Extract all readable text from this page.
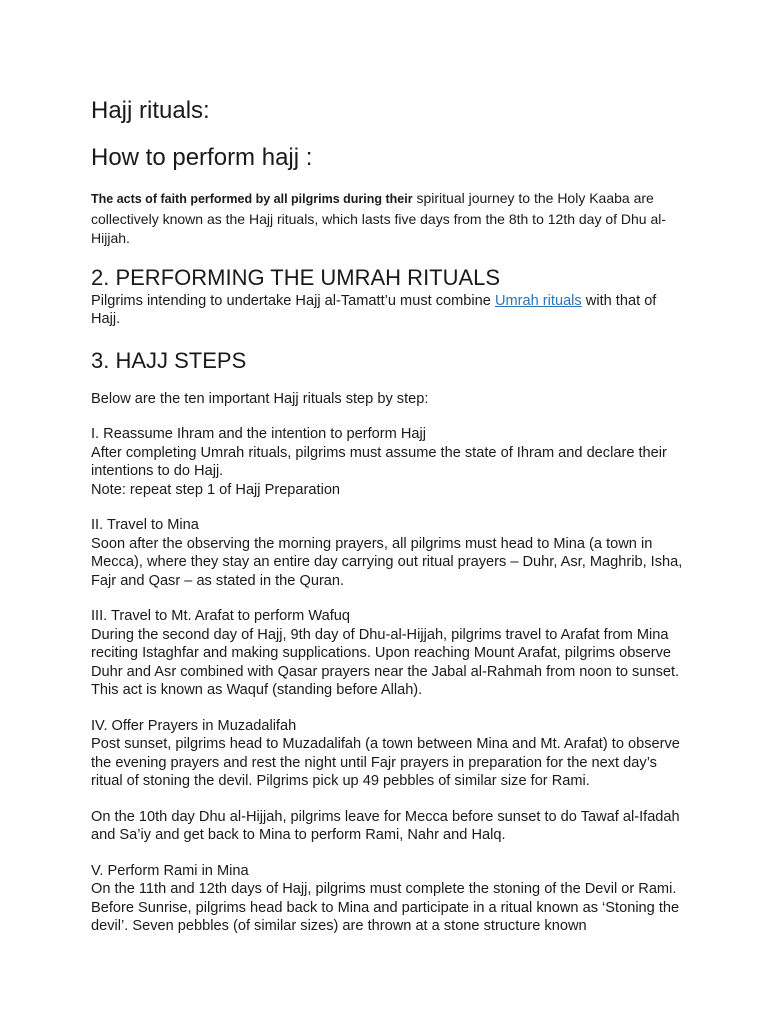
Hajj rituals:
How to perform hajj :

The acts of faith performed by all pilgrims during their spiritual journey to the Holy Kaaba are collectively known as the Hajj rituals, which lasts five days from the 8th to 12th day of Dhu al-Hijjah.

2. PERFORMING THE UMRAH RITUALS

Pilgrims intending to undertake Hajj al-Tamatt’u must combine Umrah rituals with that of Hajj.

3. HAJJ STEPS

Below are the ten important Hajj rituals step by step:

I. Reassume Ihram and the intention to perform Hajj

After completing Umrah rituals, pilgrims must assume the state of Ihram and declare their intentions to do Hajj.

Note: repeat step 1 of Hajj Preparation

II. Travel to Mina

Soon after the observing the morning prayers, all pilgrims must head to Mina (a town in Mecca), where they stay an entire day carrying out ritual prayers – Duhr, Asr, Maghrib, Isha, Fajr and Qasr – as stated in the Quran.

III. Travel to Mt. Arafat to perform Wafuq

During the second day of Hajj, 9th day of Dhu-al-Hijjah, pilgrims travel to Arafat from Mina reciting Istaghfar and making supplications. Upon reaching Mount Arafat, pilgrims observe Duhr and Asr combined with Qasar prayers near the Jabal al-Rahmah from noon to sunset. This act is known as Waquf (standing before Allah).

IV. Offer Prayers in Muzadalifah

Post sunset, pilgrims head to Muzadalifah (a town between Mina and Mt. Arafat) to observe the evening prayers and rest the night until Fajr prayers in preparation for the next day’s ritual of stoning the devil. Pilgrims pick up 49 pebbles of similar size for Rami.

On the 10th day Dhu al-Hijjah, pilgrims leave for Mecca before sunset to do Tawaf al-Ifadah and Sa’iy and get back to Mina to perform Rami, Nahr and Halq.

V. Perform Rami in Mina

On the 11th and 12th days of Hajj, pilgrims must complete the stoning of the Devil or Rami. Before Sunrise, pilgrims head back to Mina and participate in a ritual known as ‘Stoning the devil’. Seven pebbles (of similar sizes) are thrown at a stone structure known
